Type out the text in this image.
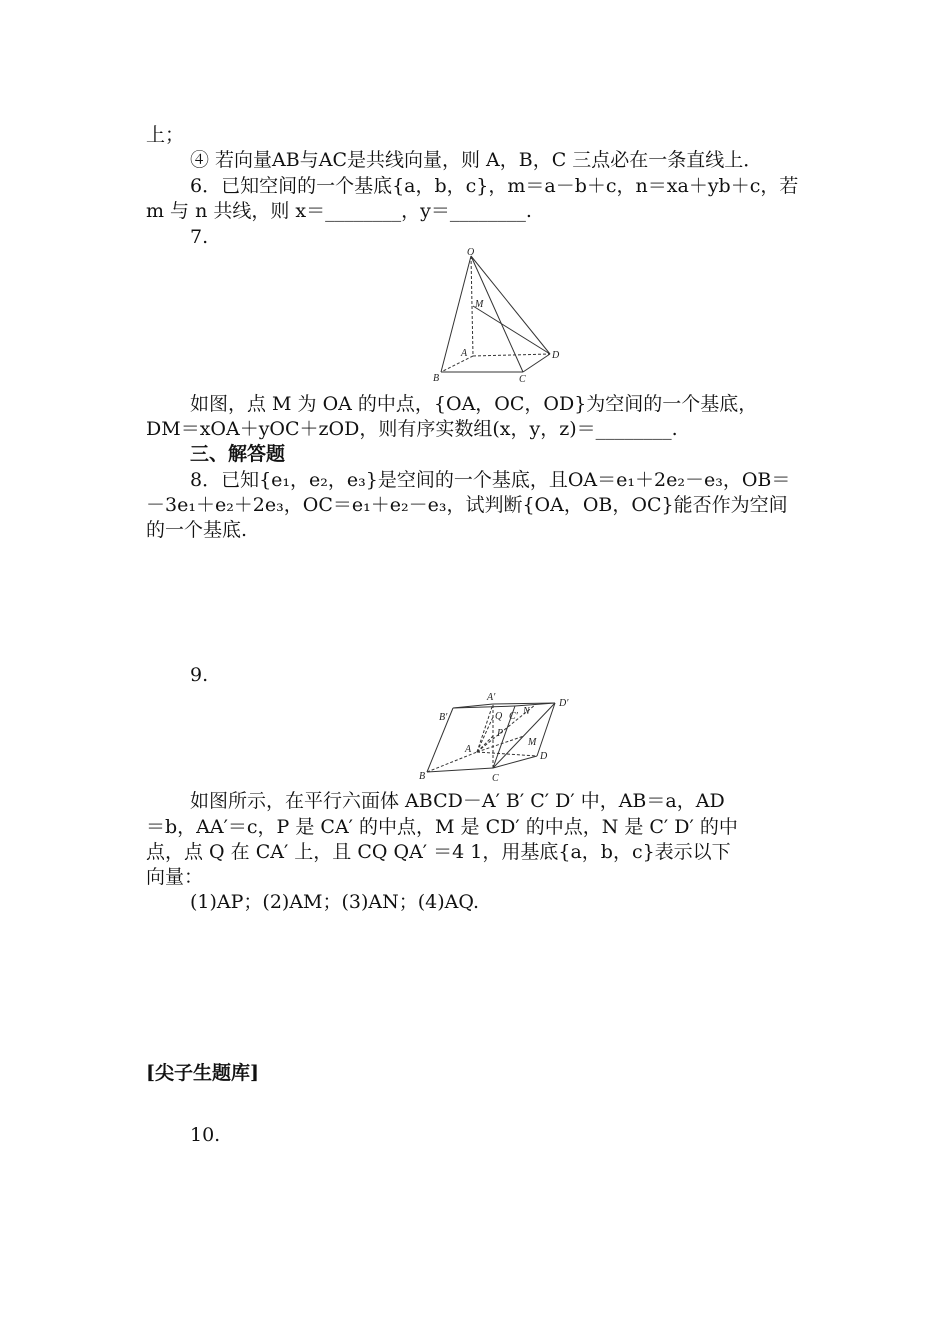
上；
④ 若向量AB与AC是共线向量，则 A，B，C 三点必在一条直线上．
6．已知空间的一个基底{a，b，c}，m＝a－b＋c，n＝xa＋yb＋c，若
m 与 n 共线，则 x＝________，y＝________.
7.
O
M
A
B	C
D
如图，点 M 为 OA 的中点，{OA，OC，OD}为空间的一个基底，
DM＝xOA＋yOC＋zOD，则有序实数组(x，y，z)＝________.
三、解答题
8．已知{e₁，e₂，e₃}是空间的一个基底，且OA＝e₁＋2e₂－e₃，OB＝
－3e₁＋e₂＋2e₃，OC＝e₁＋e₂－e₃，试判断{OA，OB，OC}能否作为空间
的一个基底.
9.
A′
B′
D′
Q C′ N
P
A
M
D
B	C
如图所示，在平行六面体 ABCD－A′ B′ C′ D′ 中，AB＝a，AD
＝b，AA′＝c，P 是 CA′ 的中点，M 是 CD′ 的中点，N 是 C′ D′ 的中
点，点 Q 在 CA′ 上，且 CQ QA′ ＝4 1，用基底{a，b，c}表示以下
向量：
(1)AP；(2)AM；(3)AN；(4)AQ.
[尖子生题库]
10.
